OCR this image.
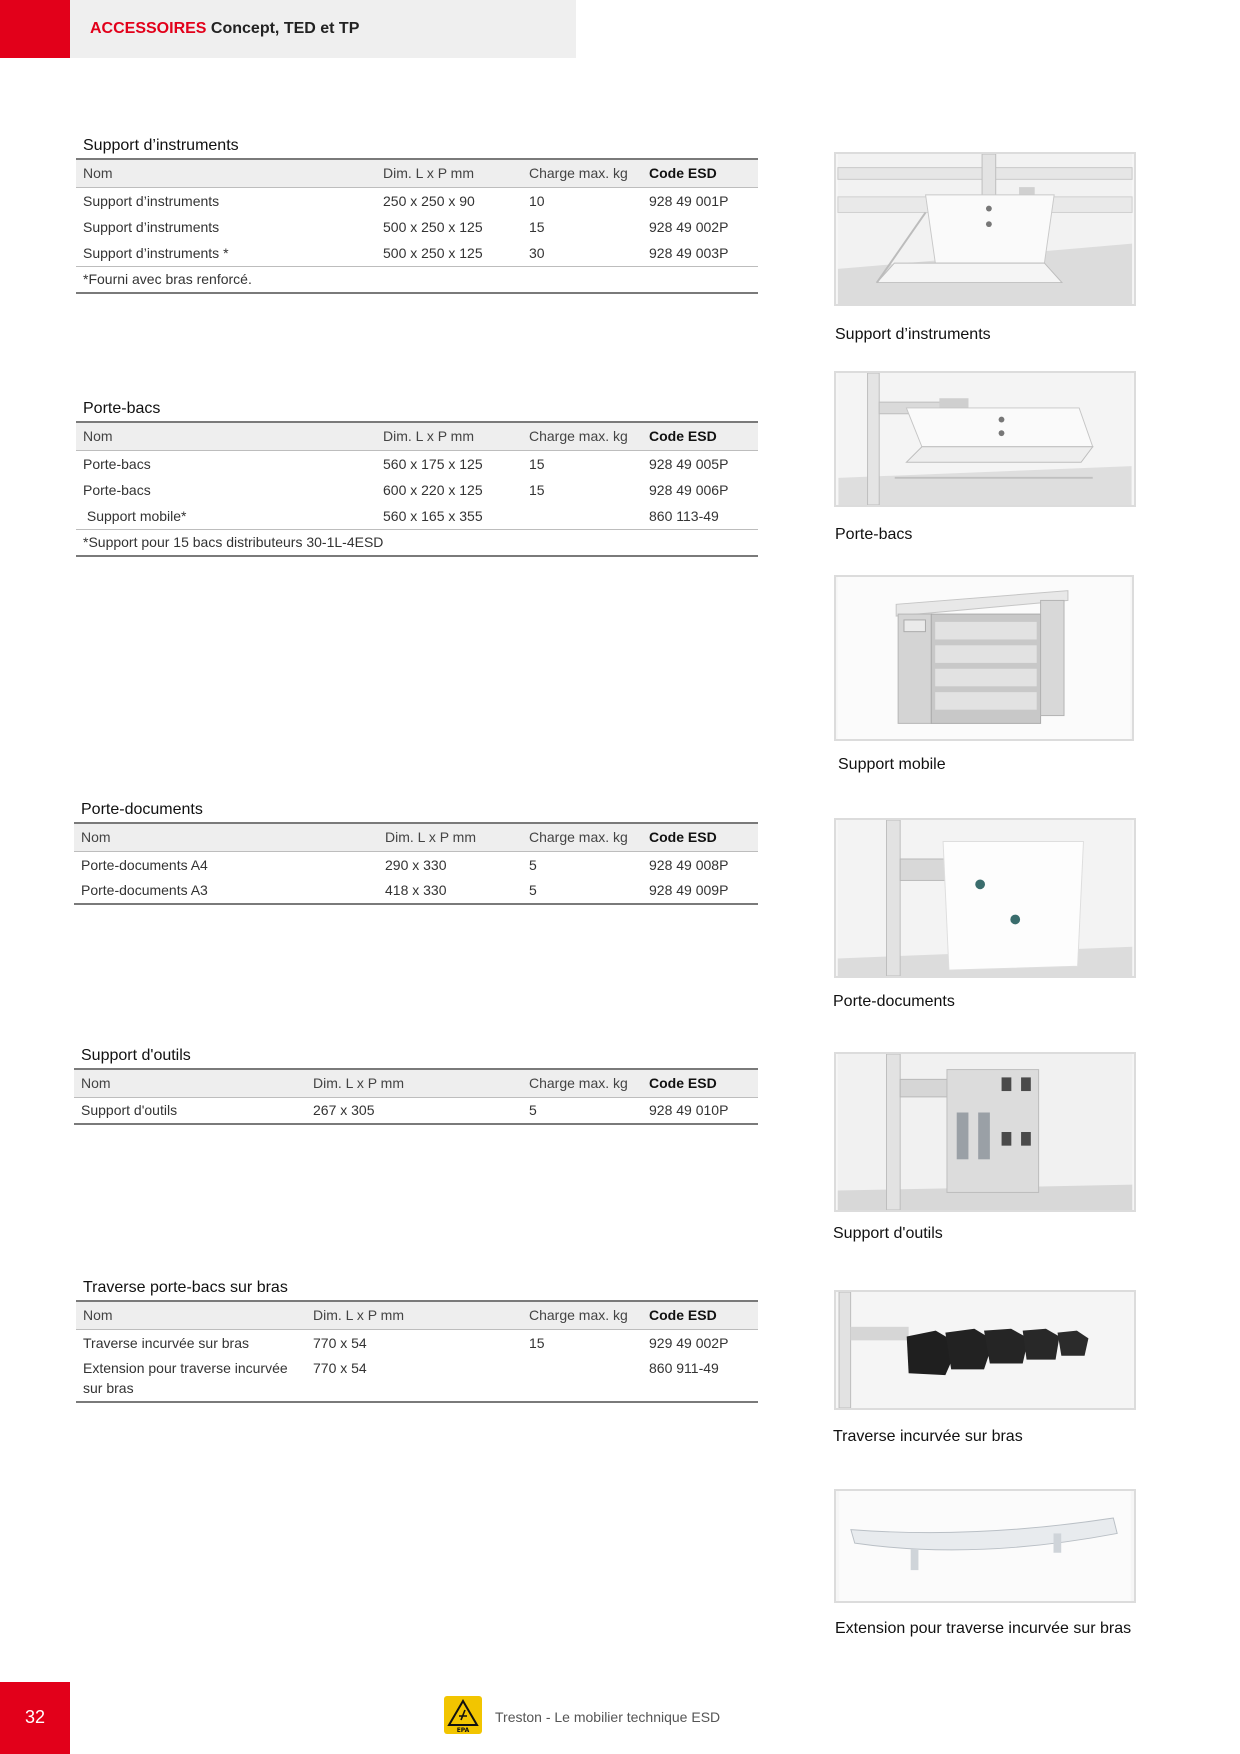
ACCESSOIRES Concept, TED et TP
Support d’instruments
Nom	Dim. L x P mm	Charge max. kg	Code ESD
Support d’instruments	250 x 250 x 90	10	928 49 001P
Support d’instruments	500 x 250 x 125	15	928 49 002P
Support d’instruments *	500 x 250 x 125	30	928 49 003P
*Fourni avec bras renforcé.			
Porte-bacs
Nom	Dim. L x P mm	Charge max. kg	Code ESD
Porte-bacs	560 x 175 x 125	15	928 49 005P
Porte-bacs	600 x 220 x 125	15	928 49 006P
Support mobile*	560 x 165 x 355		860 113-49
*Support pour 15 bacs distributeurs 30-1L-4ESD			
Porte-documents
Nom	Dim. L x P mm	Charge max. kg	Code ESD
Porte-documents A4	290 x 330	5	928 49 008P
Porte-documents A3	418 x 330	5	928 49 009P
Support d'outils
Nom	Dim. L x P mm	Charge max. kg	Code ESD
Support d'outils	267 x 305	5	928 49 010P
Traverse porte-bacs sur bras
Nom	Dim. L x P mm	Charge max. kg	Code ESD
Traverse incurvée sur bras	770 x 54	15	929 49 002P
Extension pour traverse incurvée sur bras	770 x 54		860 911-49
Support d’instruments
Porte-bacs
Support mobile
Porte-documents
Support d'outils
Traverse incurvée sur bras
Extension pour traverse incurvée sur bras
32
EPA
Treston - Le mobilier technique ESD
